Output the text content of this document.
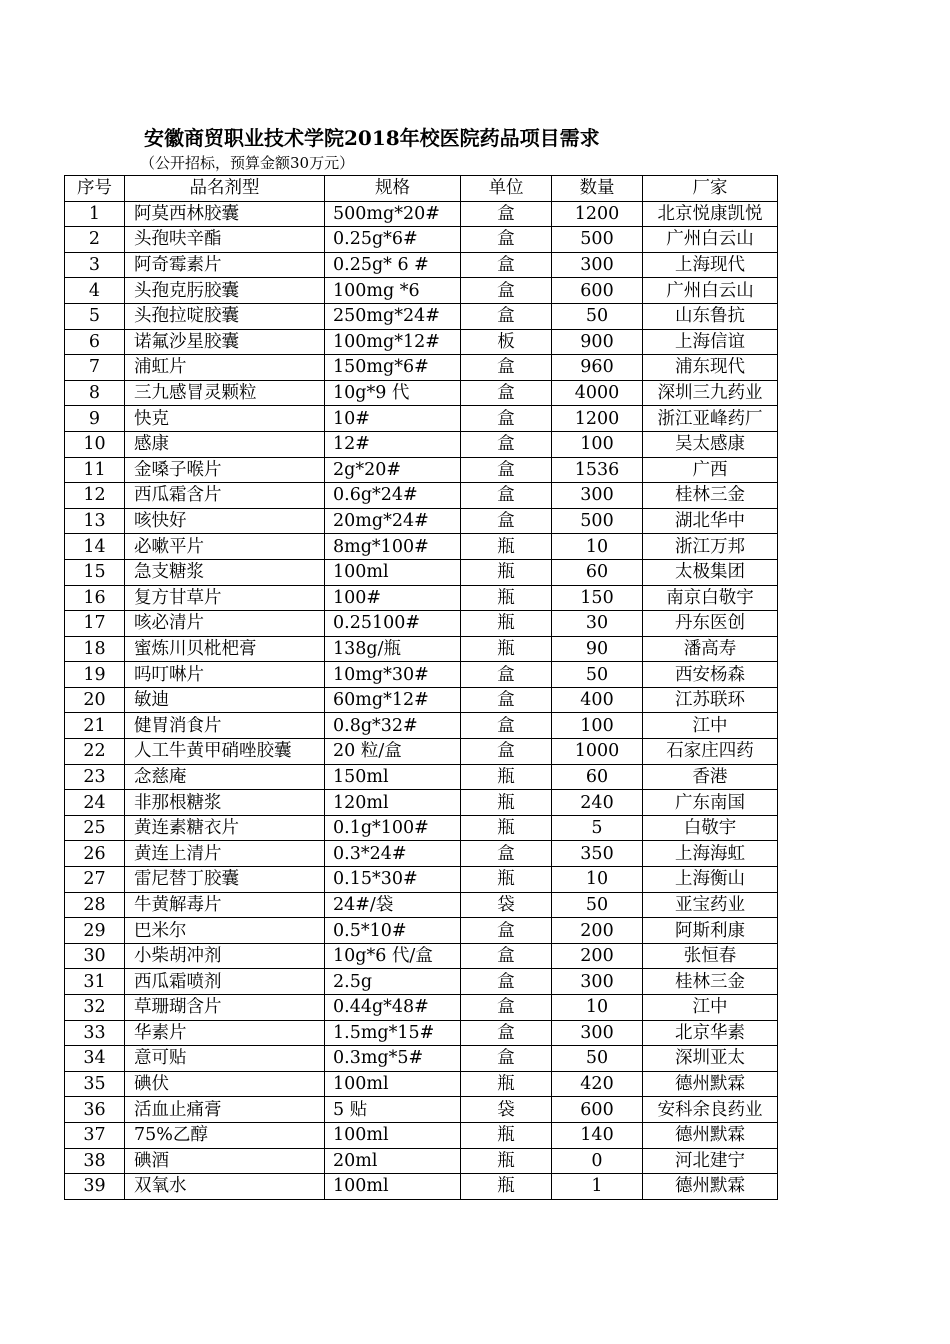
安徽商贸职业技术学院2018年校医院药品项目需求
（公开招标，预算金额30万元）
序号	品名剂型	规格	单位	数量	厂家
1	阿莫西林胶囊	500mg*20#	盒	1200	北京悦康凯悦
2	头孢呋辛酯	0.25g*6#	盒	500	广州白云山
3	阿奇霉素片	0.25g* 6 #	盒	300	上海现代
4	头孢克肟胶囊	100mg *6	盒	600	广州白云山
5	头孢拉啶胶囊	250mg*24#	盒	50	山东鲁抗
6	诺氟沙星胶囊	100mg*12#	板	900	上海信谊
7	浦虹片	150mg*6#	盒	960	浦东现代
8	三九感冒灵颗粒	10g*9 代	盒	4000	深圳三九药业
9	快克	10#	盒	1200	浙江亚峰药厂
10	感康	12#	盒	100	吴太感康
11	金嗓子喉片	2g*20#	盒	1536	广西
12	西瓜霜含片	0.6g*24#	盒	300	桂林三金
13	咳快好	20mg*24#	盒	500	湖北华中
14	必嗽平片	8mg*100#	瓶	10	浙江万邦
15	急支糖浆	100ml	瓶	60	太极集团
16	复方甘草片	100#	瓶	150	南京白敬宇
17	咳必清片	0.25100#	瓶	30	丹东医创
18	蜜炼川贝枇杷膏	138g/瓶	瓶	90	潘高寿
19	吗叮啉片	10mg*30#	盒	50	西安杨森
20	敏迪	60mg*12#	盒	400	江苏联环
21	健胃消食片	0.8g*32#	盒	100	江中
22	人工牛黄甲硝唑胶囊	20 粒/盒	盒	1000	石家庄四药
23	念慈庵	150ml	瓶	60	香港
24	非那根糖浆	120ml	瓶	240	广东南国
25	黄连素糖衣片	0.1g*100#	瓶	5	白敬宇
26	黄连上清片	0.3*24#	盒	350	上海海虹
27	雷尼替丁胶囊	0.15*30#	瓶	10	上海衡山
28	牛黄解毒片	24#/袋	袋	50	亚宝药业
29	巴米尔	0.5*10#	盒	200	阿斯利康
30	小柴胡冲剂	10g*6 代/盒	盒	200	张恒春
31	西瓜霜喷剂	2.5g	盒	300	桂林三金
32	草珊瑚含片	0.44g*48#	盒	10	江中
33	华素片	1.5mg*15#	盒	300	北京华素
34	意可贴	0.3mg*5#	盒	50	深圳亚太
35	碘伏	100ml	瓶	420	德州默霖
36	活血止痛膏	5 贴	袋	600	安科余良药业
37	75%乙醇	100ml	瓶	140	德州默霖
38	碘酒	20ml	瓶	0	河北建宁
39	双氧水	100ml	瓶	1	德州默霖
